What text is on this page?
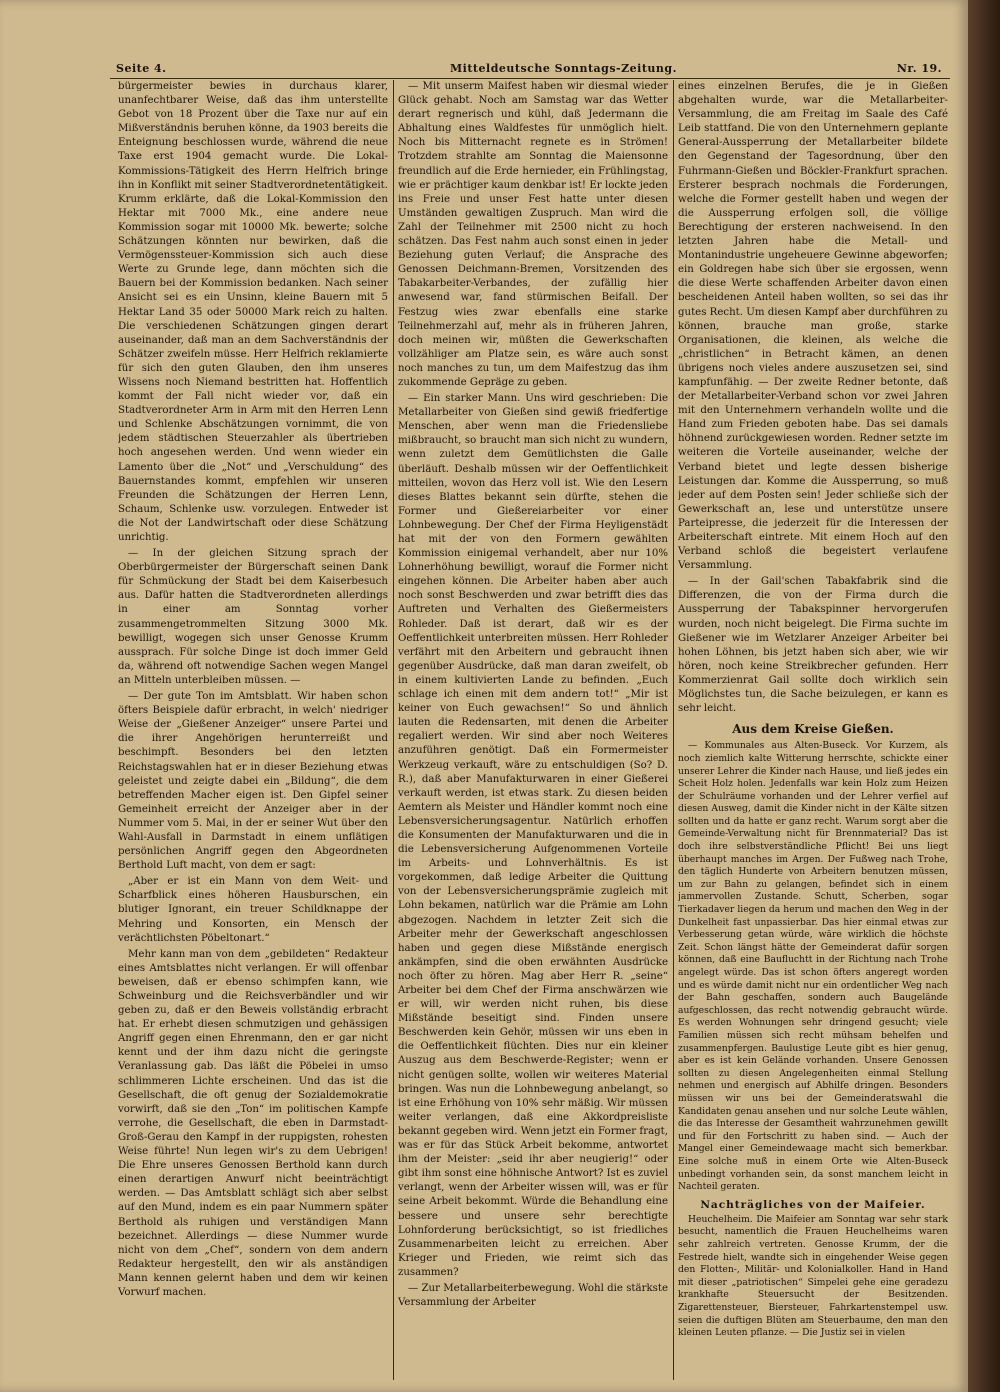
Seite 4.	Mitteldeutsche Sonntags-Zeitung.	Nr. 19.

bürgermeister bewies in durchaus klarer, unanfechtbarer Weise, daß das ihm unterstellte Gebot von 18 Prozent über die Taxe nur auf ein Mißverständnis beruhen könne, da 1903 bereits die Enteignung beschlossen wurde, während die neue Taxe erst 1904 gemacht wurde. Die Lokal-Kommissions-Tätigkeit des Herrn Helfrich bringe ihn in Konflikt mit seiner Stadtverordnetentätigkeit. Krumm erklärte, daß die Lokal-Kommission den Hektar mit 7000 Mk., eine andere neue Kommission sogar mit 10000 Mk. bewerte; solche Schätzungen könnten nur bewirken, daß die Vermögenssteuer-Kommission sich auch diese Werte zu Grunde lege, dann möchten sich die Bauern bei der Kommission bedanken. Nach seiner Ansicht sei es ein Unsinn, kleine Bauern mit 5 Hektar Land 35 oder 50000 Mark reich zu halten. Die verschiedenen Schätzungen gingen derart auseinander, daß man an dem Sachverständnis der Schätzer zweifeln müsse. Herr Helfrich reklamierte für sich den guten Glauben, den ihm unseres Wissens noch Niemand bestritten hat. Hoffentlich kommt der Fall nicht wieder vor, daß ein Stadtverordneter Arm in Arm mit den Herren Lenn und Schlenke Abschätzungen vornimmt, die von jedem städtischen Steuerzahler als übertrieben hoch angesehen werden. Und wenn wieder ein Lamento über die „Not“ und „Verschuldung“ des Bauernstandes kommt, empfehlen wir unseren Freunden die Schätzungen der Herren Lenn, Schaum, Schlenke usw. vorzulegen. Entweder ist die Not der Landwirtschaft oder diese Schätzung unrichtig.

— In der gleichen Sitzung sprach der Oberbürgermeister der Bürgerschaft seinen Dank für Schmückung der Stadt bei dem Kaiserbesuch aus. Dafür hatten die Stadtverordneten allerdings in einer am Sonntag vorher zusammengetrommelten Sitzung 3000 Mk. bewilligt, wogegen sich unser Genosse Krumm aussprach. Für solche Dinge ist doch immer Geld da, während oft notwendige Sachen wegen Mangel an Mitteln unterbleiben müssen. —

— Der gute Ton im Amtsblatt. Wir haben schon öfters Beispiele dafür erbracht, in welch' niedriger Weise der „Gießener Anzeiger“ unsere Partei und die ihrer Angehörigen herunterreißt und beschimpft. Besonders bei den letzten Reichstagswahlen hat er in dieser Beziehung etwas geleistet und zeigte dabei ein „Bildung“, die dem betreffenden Macher eigen ist. Den Gipfel seiner Gemeinheit erreicht der Anzeiger aber in der Nummer vom 5. Mai, in der er seiner Wut über den Wahl-Ausfall in Darmstadt in einem unflätigen persönlichen Angriff gegen den Abgeordneten Berthold Luft macht, von dem er sagt:

„Aber er ist ein Mann von dem Weit- und Scharfblick eines höheren Hausburschen, ein blutiger Ignorant, ein treuer Schildknappe der Mehring und Konsorten, ein Mensch der verächtlichsten Pöbeltonart.“

Mehr kann man von dem „gebildeten“ Redakteur eines Amtsblattes nicht verlangen. Er will offenbar beweisen, daß er ebenso schimpfen kann, wie Schweinburg und die Reichsverbändler und wir geben zu, daß er den Beweis vollständig erbracht hat. Er erhebt diesen schmutzigen und gehässigen Angriff gegen einen Ehrenmann, den er gar nicht kennt und der ihm dazu nicht die geringste Veranlassung gab. Das läßt die Pöbelei in umso schlimmeren Lichte erscheinen. Und das ist die Gesellschaft, die oft genug der Sozialdemokratie vorwirft, daß sie den „Ton“ im politischen Kampfe verrohe, die Gesellschaft, die eben in Darmstadt-Groß-Gerau den Kampf in der ruppigsten, rohesten Weise führte! Nun legen wir's zu dem Uebrigen! Die Ehre unseres Genossen Berthold kann durch einen derartigen Anwurf nicht beeinträchtigt werden. — Das Amtsblatt schlägt sich aber selbst auf den Mund, indem es ein paar Nummern später Berthold als ruhigen und verständigen Mann bezeichnet. Allerdings — diese Nummer wurde nicht von dem „Chef“, sondern von dem andern Redakteur hergestellt, den wir als anständigen Mann kennen gelernt haben und dem wir keinen Vorwurf machen.

— Mit unserm Maifest haben wir diesmal wieder Glück gehabt. Noch am Samstag war das Wetter derart regnerisch und kühl, daß Jedermann die Abhaltung eines Waldfestes für unmöglich hielt. Noch bis Mitternacht regnete es in Strömen! Trotzdem strahlte am Sonntag die Maiensonne freundlich auf die Erde hernieder, ein Frühlingstag, wie er prächtiger kaum denkbar ist! Er lockte jeden ins Freie und unser Fest hatte unter diesen Umständen gewaltigen Zuspruch. Man wird die Zahl der Teilnehmer mit 2500 nicht zu hoch schätzen. Das Fest nahm auch sonst einen in jeder Beziehung guten Verlauf; die Ansprache des Genossen Deichmann-Bremen, Vorsitzenden des Tabakarbeiter-Verbandes, der zufällig hier anwesend war, fand stürmischen Beifall. Der Festzug wies zwar ebenfalls eine starke Teilnehmerzahl auf, mehr als in früheren Jahren, doch meinen wir, müßten die Gewerkschaften vollzähliger am Platze sein, es wäre auch sonst noch manches zu tun, um dem Maifestzug das ihm zukommende Gepräge zu geben.

— Ein starker Mann. Uns wird geschrieben: Die Metallarbeiter von Gießen sind gewiß friedfertige Menschen, aber wenn man die Friedensliebe mißbraucht, so braucht man sich nicht zu wundern, wenn zuletzt dem Gemütlichsten die Galle überläuft. Deshalb müssen wir der Oeffentlichkeit mitteilen, wovon das Herz voll ist. Wie den Lesern dieses Blattes bekannt sein dürfte, stehen die Former und Gießereiarbeiter vor einer Lohnbewegung. Der Chef der Firma Heyligenstädt hat mit der von den Formern gewählten Kommission einigemal verhandelt, aber nur 10% Lohnerhöhung bewilligt, worauf die Former nicht eingehen können. Die Arbeiter haben aber auch noch sonst Beschwerden und zwar betrifft dies das Auftreten und Verhalten des Gießermeisters Rohleder. Daß ist derart, daß wir es der Oeffentlichkeit unterbreiten müssen. Herr Rohleder verfährt mit den Arbeitern und gebraucht ihnen gegenüber Ausdrücke, daß man daran zweifelt, ob in einem kultivierten Lande zu befinden. „Euch schlage ich einen mit dem andern tot!“ „Mir ist keiner von Euch gewachsen!“ So und ähnlich lauten die Redensarten, mit denen die Arbeiter regaliert werden. Wir sind aber noch Weiteres anzuführen genötigt. Daß ein Formermeister Werkzeug verkauft, wäre zu entschuldigen (So? D. R.), daß aber Manufakturwaren in einer Gießerei verkauft werden, ist etwas stark. Zu diesen beiden Aemtern als Meister und Händler kommt noch eine Lebensversicherungsagentur. Natürlich erhoffen die Konsumenten der Manufakturwaren und die in die Lebensversicherung Aufgenommenen Vorteile im Arbeits- und Lohnverhältnis. Es ist vorgekommen, daß ledige Arbeiter die Quittung von der Lebensversicherungsprämie zugleich mit Lohn bekamen, natürlich war die Prämie am Lohn abgezogen. Nachdem in letzter Zeit sich die Arbeiter mehr der Gewerkschaft angeschlossen haben und gegen diese Mißstände energisch ankämpfen, sind die oben erwähnten Ausdrücke noch öfter zu hören. Mag aber Herr R. „seine“ Arbeiter bei dem Chef der Firma anschwärzen wie er will, wir werden nicht ruhen, bis diese Mißstände beseitigt sind. Finden unsere Beschwerden kein Gehör, müssen wir uns eben in die Oeffentlichkeit flüchten. Dies nur ein kleiner Auszug aus dem Beschwerde-Register; wenn er nicht genügen sollte, wollen wir weiteres Material bringen. Was nun die Lohnbewegung anbelangt, so ist eine Erhöhung von 10% sehr mäßig. Wir müssen weiter verlangen, daß eine Akkordpreisliste bekannt gegeben wird. Wenn jetzt ein Former fragt, was er für das Stück Arbeit bekomme, antwortet ihm der Meister: „seid ihr aber neugierig!“ oder gibt ihm sonst eine höhnische Antwort? Ist es zuviel verlangt, wenn der Arbeiter wissen will, was er für seine Arbeit bekommt. Würde die Behandlung eine bessere und unsere sehr berechtigte Lohnforderung berücksichtigt, so ist friedliches Zusammenarbeiten leicht zu erreichen. Aber Krieger und Frieden, wie reimt sich das zusammen?

— Zur Metallarbeiterbewegung. Wohl die stärkste Versammlung der Arbeiter

eines einzelnen Berufes, die je in Gießen abgehalten wurde, war die Metallarbeiter-Versammlung, die am Freitag im Saale des Café Leib stattfand. Die von den Unternehmern geplante General-Aussperrung der Metallarbeiter bildete den Gegenstand der Tagesordnung, über den Fuhrmann-Gießen und Böckler-Frankfurt sprachen. Ersterer besprach nochmals die Forderungen, welche die Former gestellt haben und wegen der die Aussperrung erfolgen soll, die völlige Berechtigung der ersteren nachweisend. In den letzten Jahren habe die Metall- und Montanindustrie ungeheuere Gewinne abgeworfen; ein Goldregen habe sich über sie ergossen, wenn die diese Werte schaffenden Arbeiter davon einen bescheidenen Anteil haben wollten, so sei das ihr gutes Recht. Um diesen Kampf aber durchführen zu können, brauche man große, starke Organisationen, die kleinen, als welche die „christlichen“ in Betracht kämen, an denen übrigens noch vieles andere auszusetzen sei, sind kampfunfähig. — Der zweite Redner betonte, daß der Metallarbeiter-Verband schon vor zwei Jahren mit den Unternehmern verhandeln wollte und die Hand zum Frieden geboten habe. Das sei damals höhnend zurückgewiesen worden. Redner setzte im weiteren die Vorteile auseinander, welche der Verband bietet und legte dessen bisherige Leistungen dar. Komme die Aussperrung, so muß jeder auf dem Posten sein! Jeder schließe sich der Gewerkschaft an, lese und unterstütze unsere Parteipresse, die jederzeit für die Interessen der Arbeiterschaft eintrete. Mit einem Hoch auf den Verband schloß die begeistert verlaufene Versammlung.

— In der Gail'schen Tabakfabrik sind die Differenzen, die von der Firma durch die Aussperrung der Tabakspinner hervorgerufen wurden, noch nicht beigelegt. Die Firma suchte im Gießener wie im Wetzlarer Anzeiger Arbeiter bei hohen Löhnen, bis jetzt haben sich aber, wie wir hören, noch keine Streikbrecher gefunden. Herr Kommerzienrat Gail sollte doch wirklich sein Möglichstes tun, die Sache beizulegen, er kann es sehr leicht.

Aus dem Kreise Gießen.

— Kommunales aus Alten-Buseck. Vor Kurzem, als noch ziemlich kalte Witterung herrschte, schickte einer unserer Lehrer die Kinder nach Hause, und ließ jedes ein Scheit Holz holen. Jedenfalls war kein Holz zum Heizen der Schulräume vorhanden und der Lehrer verfiel auf diesen Ausweg, damit die Kinder nicht in der Kälte sitzen sollten und da hatte er ganz recht. Warum sorgt aber die Gemeinde-Verwaltung nicht für Brennmaterial? Das ist doch ihre selbstverständliche Pflicht! Bei uns liegt überhaupt manches im Argen. Der Fußweg nach Trohe, den täglich Hunderte von Arbeitern benutzen müssen, um zur Bahn zu gelangen, befindet sich in einem jammervollen Zustande. Schutt, Scherben, sogar Tierkadaver liegen da herum und machen den Weg in der Dunkelheit fast unpassierbar. Das hier einmal etwas zur Verbesserung getan würde, wäre wirklich die höchste Zeit. Schon längst hätte der Gemeinderat dafür sorgen können, daß eine Baufluchtt in der Richtung nach Trohe angelegt würde. Das ist schon öfters angeregt worden und es würde damit nicht nur ein ordentlicher Weg nach der Bahn geschaffen, sondern auch Baugelände aufgeschlossen, das recht notwendig gebraucht würde. Es werden Wohnungen sehr dringend gesucht; viele Familien müssen sich recht mühsam behelfen und zusammenpfergen. Baulustige Leute gibt es hier genug, aber es ist kein Gelände vorhanden. Unsere Genossen sollten zu diesen Angelegenheiten einmal Stellung nehmen und energisch auf Abhilfe dringen. Besonders müssen wir uns bei der Gemeinderatswahl die Kandidaten genau ansehen und nur solche Leute wählen, die das Interesse der Gesamtheit wahrzunehmen gewillt und für den Fortschritt zu haben sind. — Auch der Mangel einer Gemeindewaage macht sich bemerkbar. Eine solche muß in einem Orte wie Alten-Buseck unbedingt vorhanden sein, da sonst manchem leicht in Nachteil geraten.

Nachträgliches von der Maifeier.

Heuchelheim. Die Maifeier am Sonntag war sehr stark besucht, namentlich die Frauen Heuchelheims waren sehr zahlreich vertreten. Genosse Krumm, der die Festrede hielt, wandte sich in eingehender Weise gegen den Flotten-, Militär- und Kolonialkoller. Hand in Hand mit dieser „patriotischen“ Simpelei gehe eine geradezu krankhafte Steuersucht der Besitzenden. Zigarettensteuer, Biersteuer, Fahrkartenstempel usw. seien die duftigen Blüten am Steuerbaume, den man den kleinen Leuten pflanze. — Die Justiz sei in vielen
